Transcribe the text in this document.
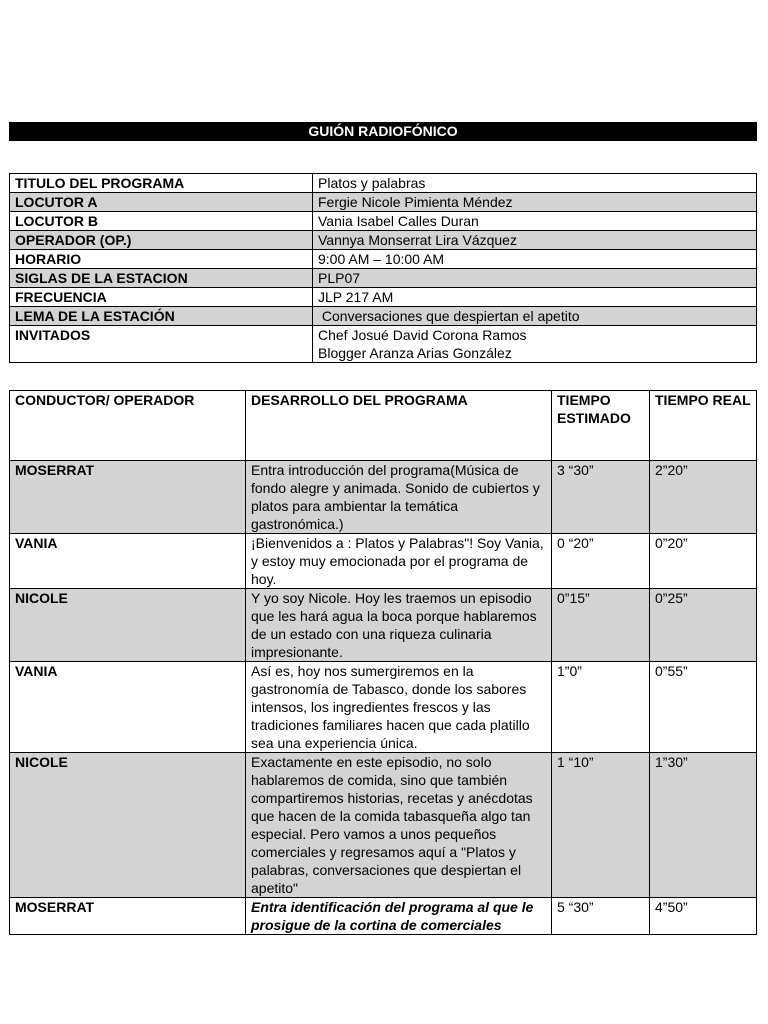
GUIÓN RADIOFÓNICO
TITULO DEL PROGRAMA	Platos y palabras
LOCUTOR A	Fergie Nicole Pimienta Méndez
LOCUTOR B	Vania Isabel Calles Duran
OPERADOR (OP.)	Vannya Monserrat Lira Vázquez
HORARIO	9:00 AM – 10:00 AM
SIGLAS DE LA ESTACION	PLP07
FRECUENCIA	JLP 217 AM
LEMA DE LA ESTACIÓN	Conversaciones que despiertan el apetito
INVITADOS	Chef Josué David Corona Ramos
Blogger Aranza Arias González
CONDUCTOR/ OPERADOR	DESARROLLO DEL PROGRAMA	TIEMPO ESTIMADO	TIEMPO REAL
MOSERRAT	Entra introducción del programa(Música de fondo alegre y animada. Sonido de cubiertos y platos para ambientar la temática gastronómica.)	3 “30”	2”20”
VANIA	¡Bienvenidos a : Platos y Palabras"! Soy Vania, y estoy muy emocionada por el programa de hoy.	0 “20”	0”20”
NICOLE	Y yo soy Nicole. Hoy les traemos un episodio que les hará agua la boca porque hablaremos de un estado con una riqueza culinaria impresionante.	0”15”	0”25”
VANIA	Así es, hoy nos sumergiremos en la gastronomía de Tabasco, donde los sabores intensos, los ingredientes frescos y las tradiciones familiares hacen que cada platillo sea una experiencia única.	1”0”	0”55”
NICOLE	Exactamente en este episodio, no solo hablaremos de comida, sino que también compartiremos historias, recetas y anécdotas que hacen de la comida tabasqueña algo tan especial. Pero vamos a unos pequeños comerciales y regresamos aquí a "Platos y palabras, conversaciones que despiertan el apetito"	1 “10”	1”30”
MOSERRAT	Entra identificación del programa al que le prosigue de la cortina de comerciales	5 “30”	4”50”
